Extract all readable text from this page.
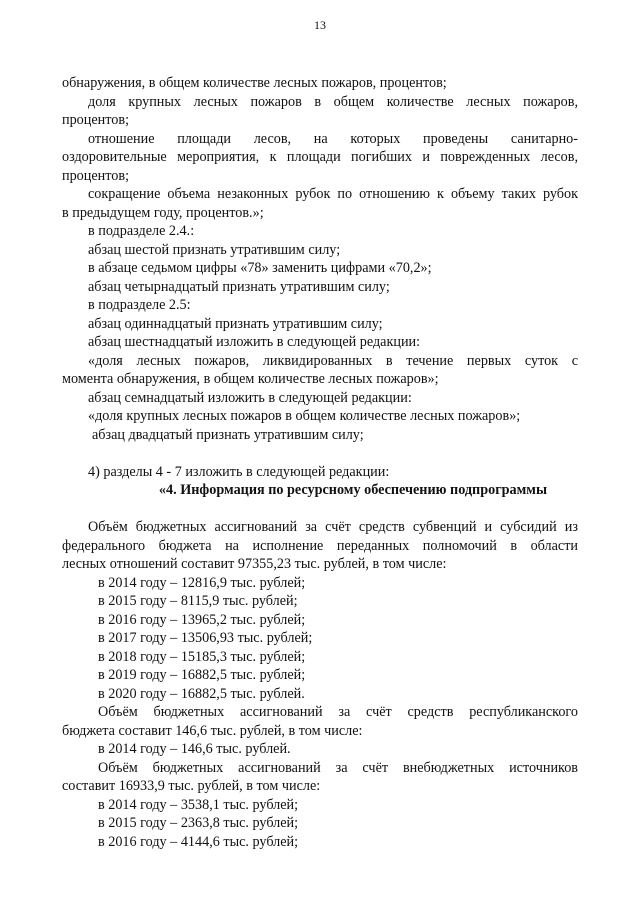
13
обнаружения, в общем количестве лесных пожаров, процентов;
доля крупных лесных пожаров в общем количестве лесных пожаров,
процентов;
отношение площади лесов, на которых проведены санитарно-
оздоровительные мероприятия, к площади погибших и поврежденных лесов,
процентов;
сокращение объема незаконных рубок по отношению к объему таких рубок
в предыдущем году, процентов.»;
в подразделе 2.4.:
абзац шестой признать утратившим силу;
в абзаце седьмом цифры «78» заменить цифрами «70,2»;
абзац четырнадцатый признать утратившим силу;
в подразделе 2.5:
абзац одиннадцатый признать утратившим силу;
абзац шестнадцатый изложить в следующей редакции:
«доля лесных пожаров, ликвидированных в течение первых суток с
момента обнаружения, в общем количестве лесных пожаров»;
абзац семнадцатый изложить в следующей редакции:
«доля крупных лесных пожаров в общем количестве лесных пожаров»;
абзац двадцатый признать утратившим силу;
4) разделы 4 - 7 изложить в следующей редакции:
«4. Информация по ресурсному обеспечению подпрограммы
Объём бюджетных ассигнований за счёт средств субвенций и субсидий из
федерального бюджета на исполнение переданных полномочий в области
лесных отношений составит 97355,23 тыс. рублей, в том числе:
в 2014 году – 12816,9 тыс. рублей;
в 2015 году – 8115,9 тыс. рублей;
в 2016 году – 13965,2 тыс. рублей;
в 2017 году – 13506,93 тыс. рублей;
в 2018 году – 15185,3 тыс. рублей;
в 2019 году – 16882,5 тыс. рублей;
в 2020 году – 16882,5 тыс. рублей.
Объём бюджетных ассигнований за счёт средств республиканского
бюджета составит 146,6 тыс. рублей, в том числе:
в 2014 году – 146,6 тыс. рублей.
Объём бюджетных ассигнований за счёт внебюджетных источников
составит 16933,9 тыс. рублей, в том числе:
в 2014 году – 3538,1 тыс. рублей;
в 2015 году – 2363,8 тыс. рублей;
в 2016 году – 4144,6 тыс. рублей;
